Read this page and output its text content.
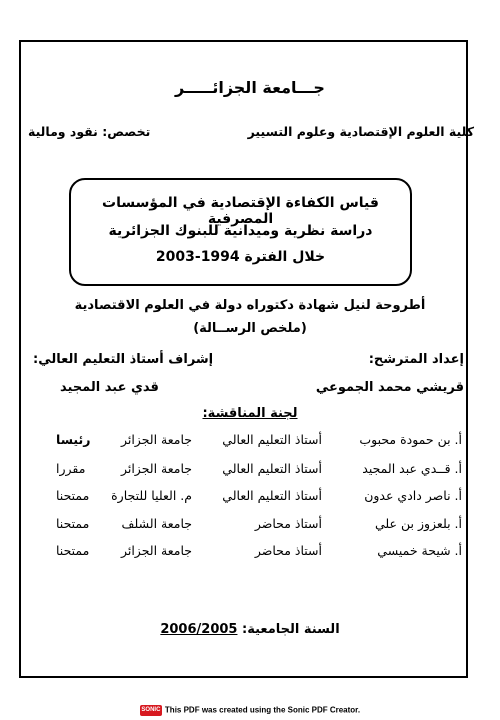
جـــامعة الجزائـــــر
كلية العلوم الإقتصادية وعلوم التسيير
تخصص: نقود ومالية
قياس الكفاءة الإقتصادية في المؤسسات المصرفية
دراسة نظرية وميدانية للبنوك الجزائرية
خلال الفترة 1994-2003
أطروحة لنيل شهادة دكتوراه دولة في العلوم الاقتصادية
(ملخص الرســالة)
إعداد المترشح:
إشراف أستاذ التعليم العالي:
قريشي محمد الجموعي
قدي عبد المجيد
لجنة المناقشة:
أ. بن حمودة محبوب
أستاذ التعليم العالي
جامعة الجزائر
رئيسا
أ. قــدي عبد المجيد
أستاذ التعليم العالي
جامعة الجزائر
مقررا
أ. ناصر دادي عدون
أستاذ التعليم العالي
م. العليا للتجارة
ممتحنا
أ. بلعزوز بن علي
أستاذ محاضر
جامعة الشلف
ممتحنا
أ. شيحة خميسي
أستاذ محاضر
جامعة الجزائر
ممتحنا
السنة الجامعية: 2006/2005
SONIC This PDF was created using the Sonic PDF Creator.
